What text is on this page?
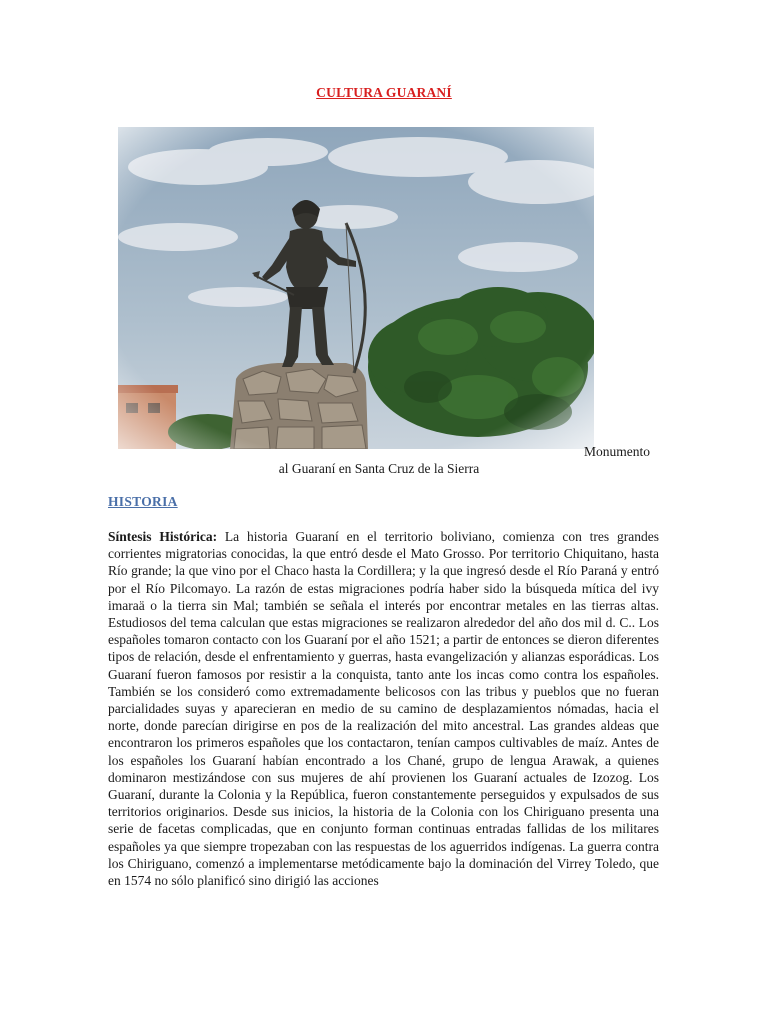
CULTURA GUARANÍ
Monumento
al Guaraní en Santa Cruz de la Sierra
HISTORIA
Síntesis Histórica: La historia Guaraní en el territorio boliviano, comienza con tres grandes corrientes migratorias conocidas, la que entró desde el Mato Grosso. Por territorio Chiquitano, hasta Río grande; la que vino por el Chaco hasta la Cordillera; y la que ingresó desde el Río Paraná y entró por el Río Pilcomayo. La razón de estas migraciones podría haber sido la búsqueda mítica del ivy imaraä o la tierra sin Mal; también se señala el interés por encontrar metales en las tierras altas. Estudiosos del tema calculan que estas migraciones se realizaron alrededor del año dos mil d. C.. Los españoles tomaron contacto con los Guaraní por el año 1521; a partir de entonces se dieron diferentes tipos de relación, desde el enfrentamiento y guerras, hasta evangelización y alianzas esporádicas. Los Guaraní fueron famosos por resistir a la conquista, tanto ante los incas como contra los españoles. También se los consideró como extremadamente belicosos con las tribus y pueblos que no fueran parcialidades suyas y aparecieran en medio de su camino de desplazamientos nómadas, hacia el norte, donde parecían dirigirse en pos de la realización del mito ancestral. Las grandes aldeas que encontraron los primeros españoles que los contactaron, tenían campos cultivables de maíz. Antes de los españoles los Guaraní habían encontrado a los Chané, grupo de lengua Arawak, a quienes dominaron mestizándose con sus mujeres de ahí provienen los Guaraní actuales de Izozog. Los Guaraní, durante la Colonia y la República, fueron constantemente perseguidos y expulsados de sus territorios originarios. Desde sus inicios, la historia de la Colonia con los Chiriguano presenta una serie de facetas complicadas, que en conjunto forman continuas entradas fallidas de los militares españoles ya que siempre tropezaban con las respuestas de los aguerridos indígenas. La guerra contra los Chiriguano, comenzó a implementarse metódicamente bajo la dominación del Virrey Toledo, que en 1574 no sólo planificó sino dirigió las acciones
